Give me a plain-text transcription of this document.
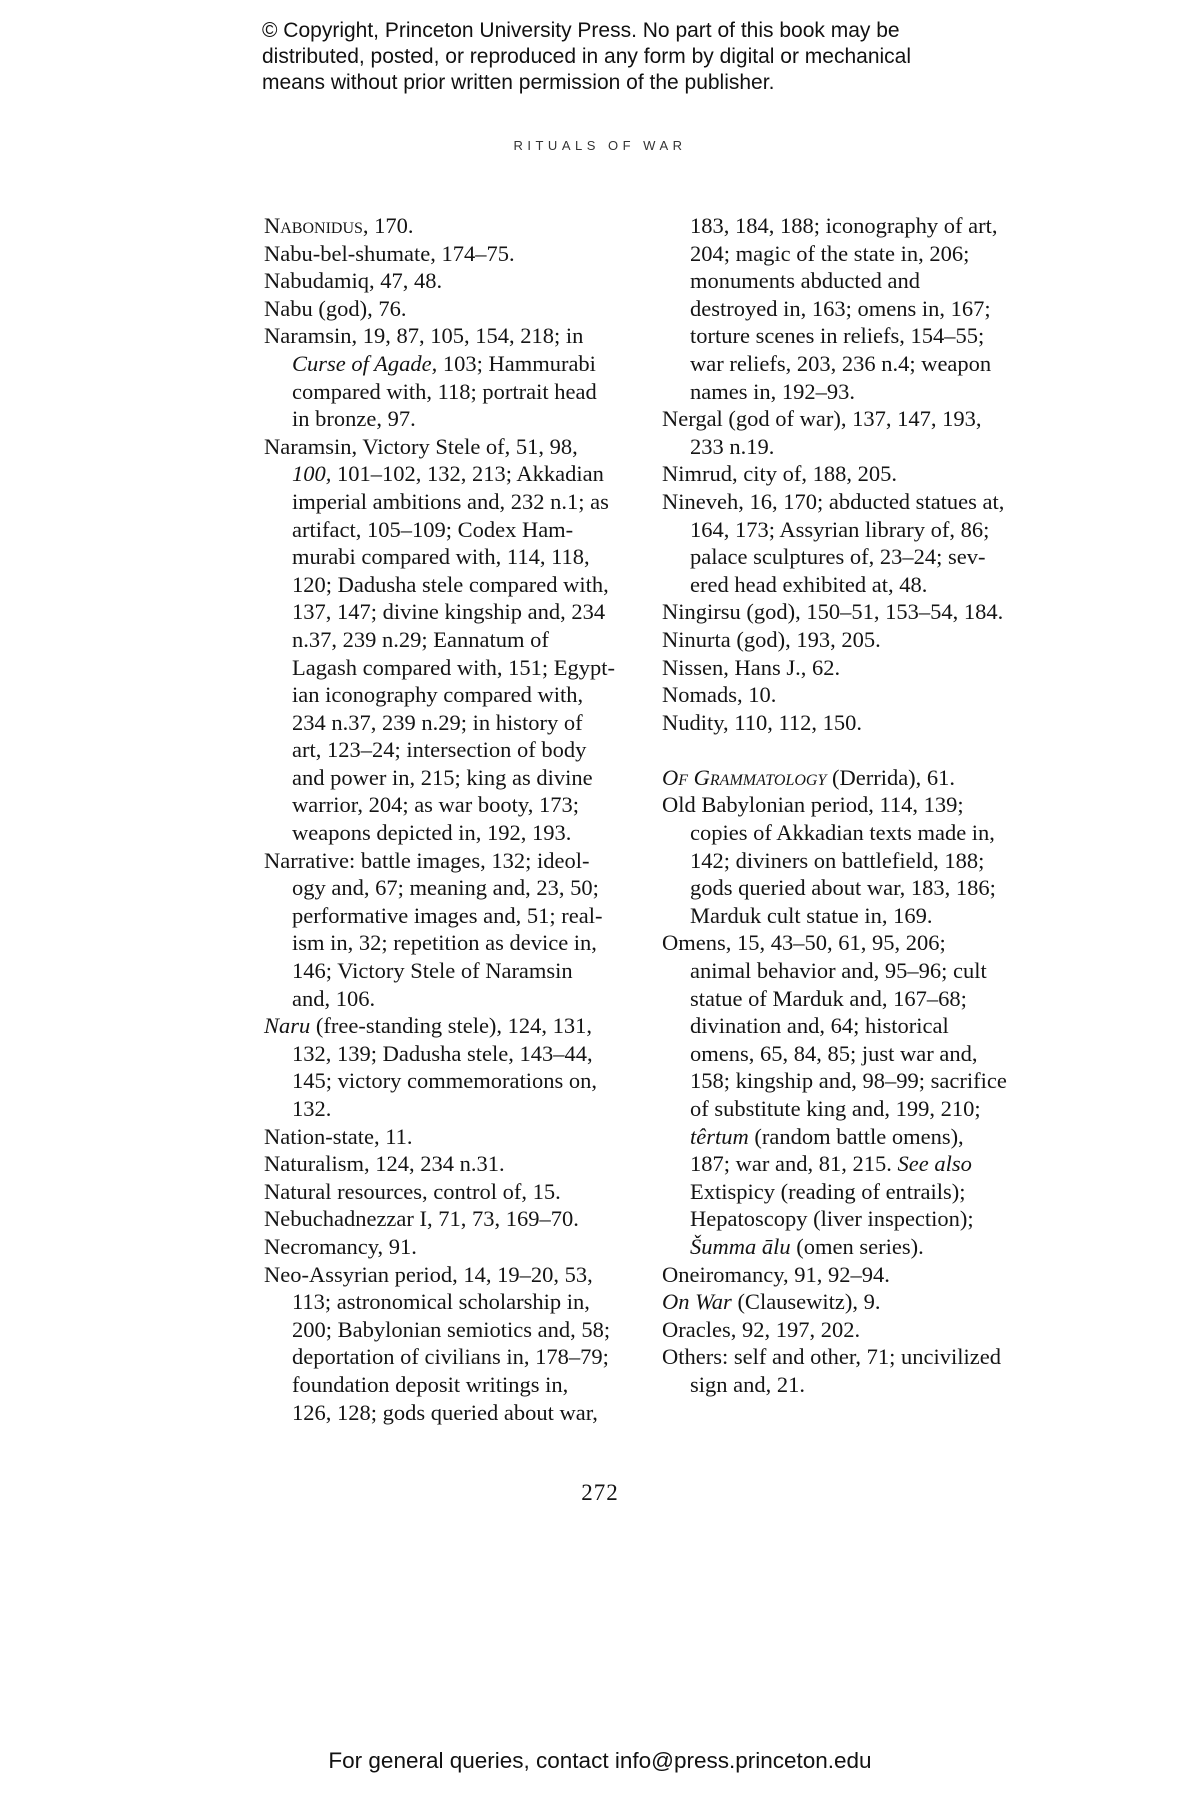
© Copyright, Princeton University Press. No part of this book may be
distributed, posted, or reproduced in any form by digital or mechanical
means without prior written permission of the publisher.
RITUALS OF WAR
Nabonidus, 170.
Nabu-bel-shumate, 174–75.
Nabudamiq, 47, 48.
Nabu (god), 76.
Naramsin, 19, 87, 105, 154, 218; in
Curse of Agade, 103; Hammurabi
compared with, 118; portrait head
in bronze, 97.
Naramsin, Victory Stele of, 51, 98,
100, 101–102, 132, 213; Akkadian
imperial ambitions and, 232 n.1; as
artifact, 105–109; Codex Ham-
murabi compared with, 114, 118,
120; Dadusha stele compared with,
137, 147; divine kingship and, 234
n.37, 239 n.29; Eannatum of
Lagash compared with, 151; Egypt-
ian iconography compared with,
234 n.37, 239 n.29; in history of
art, 123–24; intersection of body
and power in, 215; king as divine
warrior, 204; as war booty, 173;
weapons depicted in, 192, 193.
Narrative: battle images, 132; ideol-
ogy and, 67; meaning and, 23, 50;
performative images and, 51; real-
ism in, 32; repetition as device in,
146; Victory Stele of Naramsin
and, 106.
Naru (free-standing stele), 124, 131,
132, 139; Dadusha stele, 143–44,
145; victory commemorations on,
132.
Nation-state, 11.
Naturalism, 124, 234 n.31.
Natural resources, control of, 15.
Nebuchadnezzar I, 71, 73, 169–70.
Necromancy, 91.
Neo-Assyrian period, 14, 19–20, 53,
113; astronomical scholarship in,
200; Babylonian semiotics and, 58;
deportation of civilians in, 178–79;
foundation deposit writings in,
126, 128; gods queried about war,
183, 184, 188; iconography of art,
204; magic of the state in, 206;
monuments abducted and
destroyed in, 163; omens in, 167;
torture scenes in reliefs, 154–55;
war reliefs, 203, 236 n.4; weapon
names in, 192–93.
Nergal (god of war), 137, 147, 193,
233 n.19.
Nimrud, city of, 188, 205.
Nineveh, 16, 170; abducted statues at,
164, 173; Assyrian library of, 86;
palace sculptures of, 23–24; sev-
ered head exhibited at, 48.
Ningirsu (god), 150–51, 153–54, 184.
Ninurta (god), 193, 205.
Nissen, Hans J., 62.
Nomads, 10.
Nudity, 110, 112, 150.
Of Grammatology (Derrida), 61.
Old Babylonian period, 114, 139;
copies of Akkadian texts made in,
142; diviners on battlefield, 188;
gods queried about war, 183, 186;
Marduk cult statue in, 169.
Omens, 15, 43–50, 61, 95, 206;
animal behavior and, 95–96; cult
statue of Marduk and, 167–68;
divination and, 64; historical
omens, 65, 84, 85; just war and,
158; kingship and, 98–99; sacrifice
of substitute king and, 199, 210;
têrtum (random battle omens),
187; war and, 81, 215. See also
Extispicy (reading of entrails);
Hepatoscopy (liver inspection);
Šumma ālu (omen series).
Oneiromancy, 91, 92–94.
On War (Clausewitz), 9.
Oracles, 92, 197, 202.
Others: self and other, 71; uncivilized
sign and, 21.
272
For general queries, contact info@press.princeton.edu
